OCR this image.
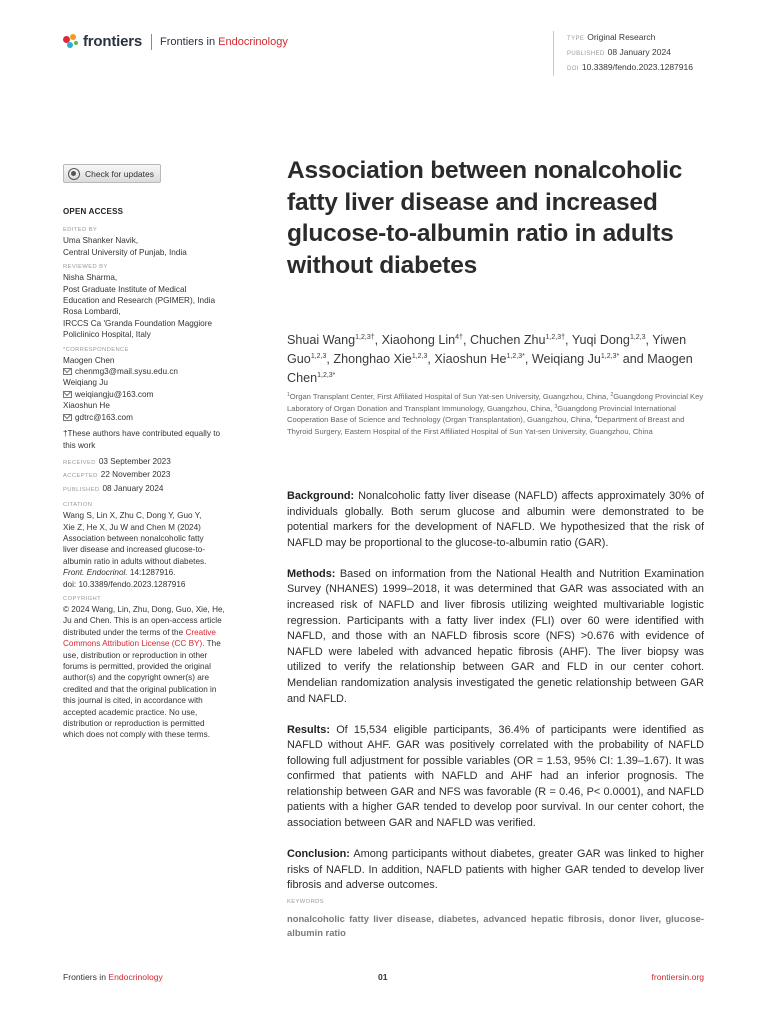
frontiers Frontiers in Endocrinology	TYPE Original Research
PUBLISHED 08 January 2024
DOI 10.3389/fendo.2023.1287916
Check for updates
OPEN ACCESS
EDITED BY
Uma Shanker Navik,
Central University of Punjab, India
REVIEWED BY
Nisha Sharma,
Post Graduate Institute of Medical
Education and Research (PGIMER), India
Rosa Lombardi,
IRCCS Ca 'Granda Foundation Maggiore
Policlinico Hospital, Italy
*CORRESPONDENCE
Maogen Chen
chenmg3@mail.sysu.edu.cn
Weiqiang Ju
weiqiangju@163.com
Xiaoshun He
gdtrc@163.com
†These authors have contributed equally to
this work
RECEIVED 03 September 2023
ACCEPTED 22 November 2023
PUBLISHED 08 January 2024
CITATION
Wang S, Lin X, Zhu C, Dong Y, Guo Y,
Xie Z, He X, Ju W and Chen M (2024)
Association between nonalcoholic fatty
liver disease and increased glucose-to-
albumin ratio in adults without diabetes.
Front. Endocrinol. 14:1287916.
doi: 10.3389/fendo.2023.1287916
COPYRIGHT
© 2024 Wang, Lin, Zhu, Dong, Guo, Xie, He,
Ju and Chen. This is an open-access article
distributed under the terms of the Creative
Commons Attribution License (CC BY). The
use, distribution or reproduction in other
forums is permitted, provided the original
author(s) and the copyright owner(s) are
credited and that the original publication in
this journal is cited, in accordance with
accepted academic practice. No use,
distribution or reproduction is permitted
which does not comply with these terms.
Association between nonalcoholic fatty liver disease and increased glucose-to-albumin ratio in adults without diabetes
Shuai Wang$^{1,2,3\dagger}$, Xiaohong Lin$^{4\dagger}$, Chuchen Zhu$^{1,2,3\dagger}$, Yuqi Dong$^{1,2,3}$, Yiwen Guo$^{1,2,3}$, Zhonghao Xie$^{1,2,3}$, Xiaoshun $He^{1,2,3*}$, Weiqiang $Ju^{1,2,3*}$ and Maogen Chen$^{1,2,3*}$
$^1$Organ Transplant Center, First Affiliated Hospital of Sun Yat-sen University, Guangzhou, China, $^2$Guangdong Provincial Key Laboratory of Organ Donation and Transplant Immunology, Guangzhou, China, $^3$Guangdong Provincial International Cooperation Base of Science and Technology (Organ Transplantation), Guangzhou, China, $^4$Department of Breast and Thyroid Surgery, Eastern Hospital of the First Affiliated Hospital of Sun Yat-sen University, Guangzhou, China

Background: Nonalcoholic fatty liver disease (NAFLD) affects approximately 30% of individuals globally. Both serum glucose and albumin were demonstrated to be potential markers for the development of NAFLD. We hypothesized that the risk of NAFLD may be proportional to the glucose-to-albumin ratio (GAR).

Methods: Based on information from the National Health and Nutrition Examination Survey (NHANES) 1999–2018, it was determined that GAR was associated with an increased risk of NAFLD and liver fibrosis utilizing weighted multivariable logistic regression. Participants with a fatty liver index (FLI) over 60 were identified with NAFLD, and those with an NAFLD fibrosis score (NFS) >0.676 with evidence of NAFLD were labeled with advanced hepatic fibrosis (AHF). The liver biopsy was utilized to verify the relationship between GAR and FLD in our center cohort. Mendelian randomization analysis investigated the genetic relationship between GAR and NAFLD.

Results: Of 15,534 eligible participants, 36.4% of participants were identified as NAFLD without AHF. GAR was positively correlated with the probability of NAFLD following full adjustment for possible variables (OR = 1.53, 95% CI: 1.39–1.67). It was confirmed that patients with NAFLD and AHF had an inferior prognosis. The relationship between GAR and NFS was favorable (R = 0.46, P< 0.0001), and NAFLD patients with a higher GAR tended to develop poor survival. In our center cohort, the association between GAR and NAFLD was verified.

Conclusion: Among participants without diabetes, greater GAR was linked to higher risks of NAFLD. In addition, NAFLD patients with higher GAR tended to develop liver fibrosis and adverse outcomes.

KEYWORDS
nonalcoholic fatty liver disease, diabetes, advanced hepatic fibrosis, donor liver, glucose-albumin ratio
Frontiers in Endocrinology	01	frontiersin.org
